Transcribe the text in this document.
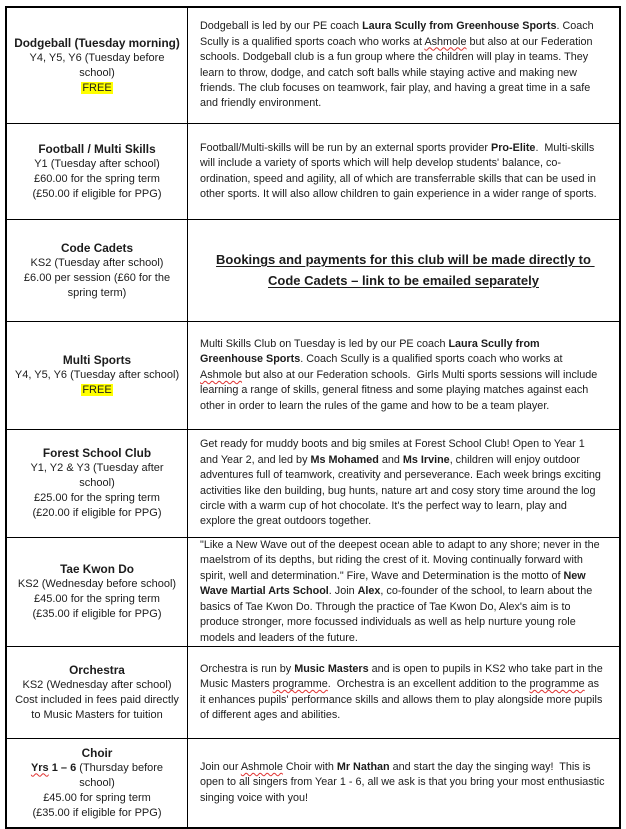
Dodgeball (Tuesday morning)
Y4, Y5, Y6 (Tuesday before school)
FREE
Dodgeball is led by our PE coach Laura Scully from Greenhouse Sports. Coach Scully is a qualified sports coach who works at Ashmole but also at our Federation schools. Dodgeball club is a fun group where the children will play in teams. They learn to throw, dodge, and catch soft balls while staying active and making new friends. The club focuses on teamwork, fair play, and having a great time in a safe and friendly environment.
Football / Multi Skills
Y1 (Tuesday after school)
£60.00 for the spring term
(£50.00 if eligible for PPG)
Football/Multi-skills will be run by an external sports provider Pro-Elite.  Multi-skills will include a variety of sports which will help develop students' balance, co- ordination, speed and agility, all of which are transferrable skills that can be used in other sports. It will also allow children to gain experience in a wider range of sports.
Code Cadets
KS2 (Tuesday after school)
£6.00 per session (£60 for the spring term)
Bookings and payments for this club will be made directly to Code Cadets – link to be emailed separately
Multi Sports
Y4, Y5, Y6 (Tuesday after school)
FREE
Multi Skills Club on Tuesday is led by our PE coach Laura Scully from Greenhouse Sports. Coach Scully is a qualified sports coach who works at Ashmole but also at our Federation schools.  Girls Multi sports sessions will include learning a range of skills, general fitness and some playing matches against each other in order to learn the rules of the game and how to be a team player.
Forest School Club
Y1, Y2 & Y3 (Tuesday after school)
£25.00 for the spring term
(£20.00 if eligible for PPG)
Get ready for muddy boots and big smiles at Forest School Club! Open to Year 1 and Year 2, and led by Ms Mohamed and Ms Irvine, children will enjoy outdoor adventures full of teamwork, creativity and perseverance. Each week brings exciting activities like den building, bug hunts, nature art and cosy story time around the log circle with a warm cup of hot chocolate. It's the perfect way to learn, play and explore the great outdoors together.
Tae Kwon Do
KS2 (Wednesday before school)
£45.00 for the spring term
(£35.00 if eligible for PPG)
"Like a New Wave out of the deepest ocean able to adapt to any shore; never in the maelstrom of its depths, but riding the crest of it. Moving continually forward with spirit, well and determination." Fire, Wave and Determination is the motto of New Wave Martial Arts School. Join Alex, co-founder of the school, to learn about the basics of Tae Kwon Do. Through the practice of Tae Kwon Do, Alex's aim is to produce stronger, more focussed individuals as well as help nurture young role models and leaders of the future.
Orchestra
KS2 (Wednesday after school)
Cost included in fees paid directly to Music Masters for tuition
Orchestra is run by Music Masters and is open to pupils in KS2 who take part in the Music Masters programme.  Orchestra is an excellent addition to the programme as it enhances pupils' performance skills and allows them to play alongside more pupils of different ages and abilities.
Choir
Yrs 1 – 6 (Thursday before school)
£45.00 for spring term
(£35.00 if eligible for PPG)
Join our Ashmole Choir with Mr Nathan and start the day the singing way!  This is open to all singers from Year 1 - 6, all we ask is that you bring your most enthusiastic singing voice with you!
